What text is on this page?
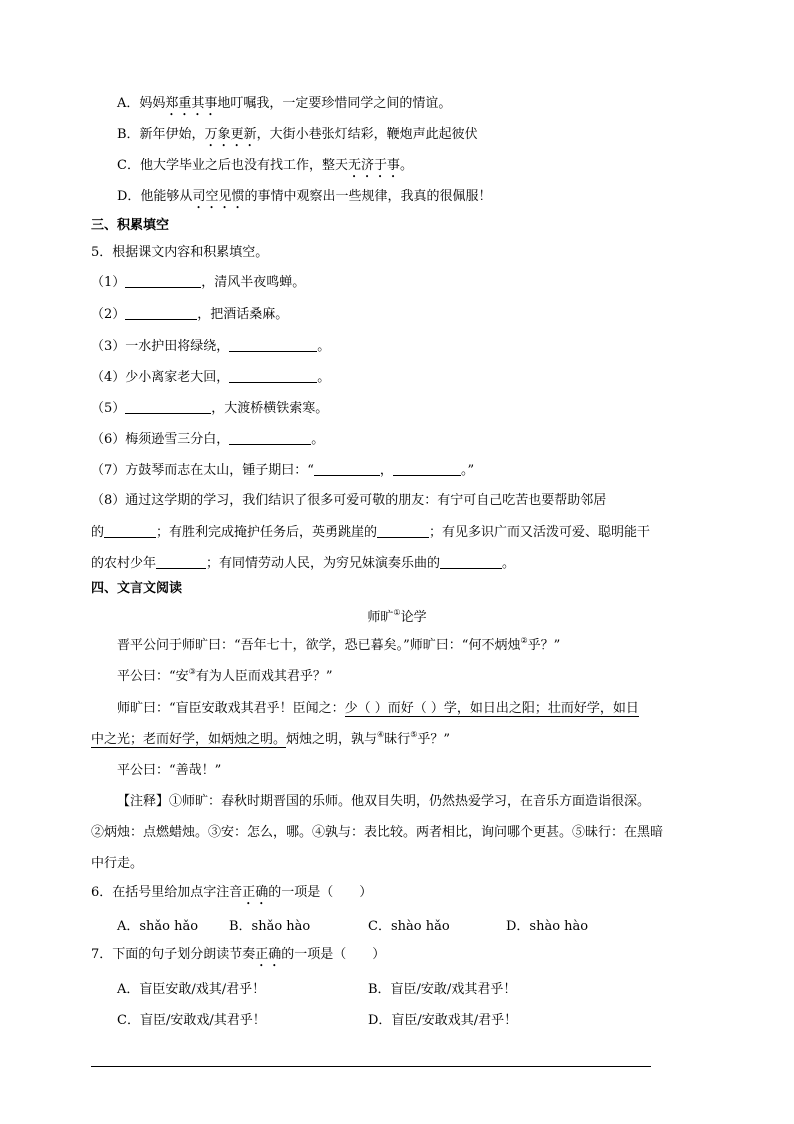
A．妈妈郑重其事地叮嘱我，一定要珍惜同学之间的情谊。
B．新年伊始，万象更新，大街小巷张灯结彩，鞭炮声此起彼伏
C．他大学毕业之后也没有找工作，整天无济于事。
D．他能够从司空见惯的事情中观察出一些规律，我真的很佩服！
三、积累填空
5．根据课文内容和积累填空。
（1）	，清风半夜鸣蝉。
（2）	，把酒话桑麻。
（3）一水护田将绿绕，	。
（4）少小离家老大回，	。
（5）	，大渡桥横铁索寒。
（6）梅须逊雪三分白，	。
（7）方鼓琴而志在太山，锺子期曰：“	，	。”
（8）通过这学期的学习，我们结识了很多可爱可敬的朋友：有宁可自己吃苦也要帮助邻居
的	；有胜利完成掩护任务后，英勇跳崖的	；有见多识广而又活泼可爱、聪明能干
的农村少年	；有同情劳动人民，为穷兄妹演奏乐曲的	。
四、文言文阅读
师旷①论学
晋平公问于师旷曰：“吾年七十，欲学，恐已暮矣。”师旷曰：“何不炳烛②乎？”
平公曰：“安③有为人臣而戏其君乎？”
师旷曰：“盲臣安敢戏其君乎！臣闻之：少（ ）而好（ ）学，如日出之阳；壮而好学，如日
中之光；老而好学，如炳烛之明。炳烛之明，孰与④昧行⑤乎？”
平公曰：“善哉！”
【注释】①师旷：春秋时期晋国的乐师。他双目失明，仍然热爱学习，在音乐方面造诣很深。
②炳烛：点燃蜡烛。③安：怎么，哪。④孰与：表比较。两者相比，询问哪个更甚。⑤昧行：在黑暗
中行走。
6．在括号里给加点字注音正确的一项是（　　）
A．shǎo hǎo B．shǎo hào	C．shào hǎo	D．shào hào
7．下面的句子划分朗读节奏正确的一项是（　　）
A．盲臣安敢/戏其/君乎！	B．盲臣/安敢/戏其君乎！
C．盲臣/安敢戏/其君乎！	D．盲臣/安敢戏其/君乎！
